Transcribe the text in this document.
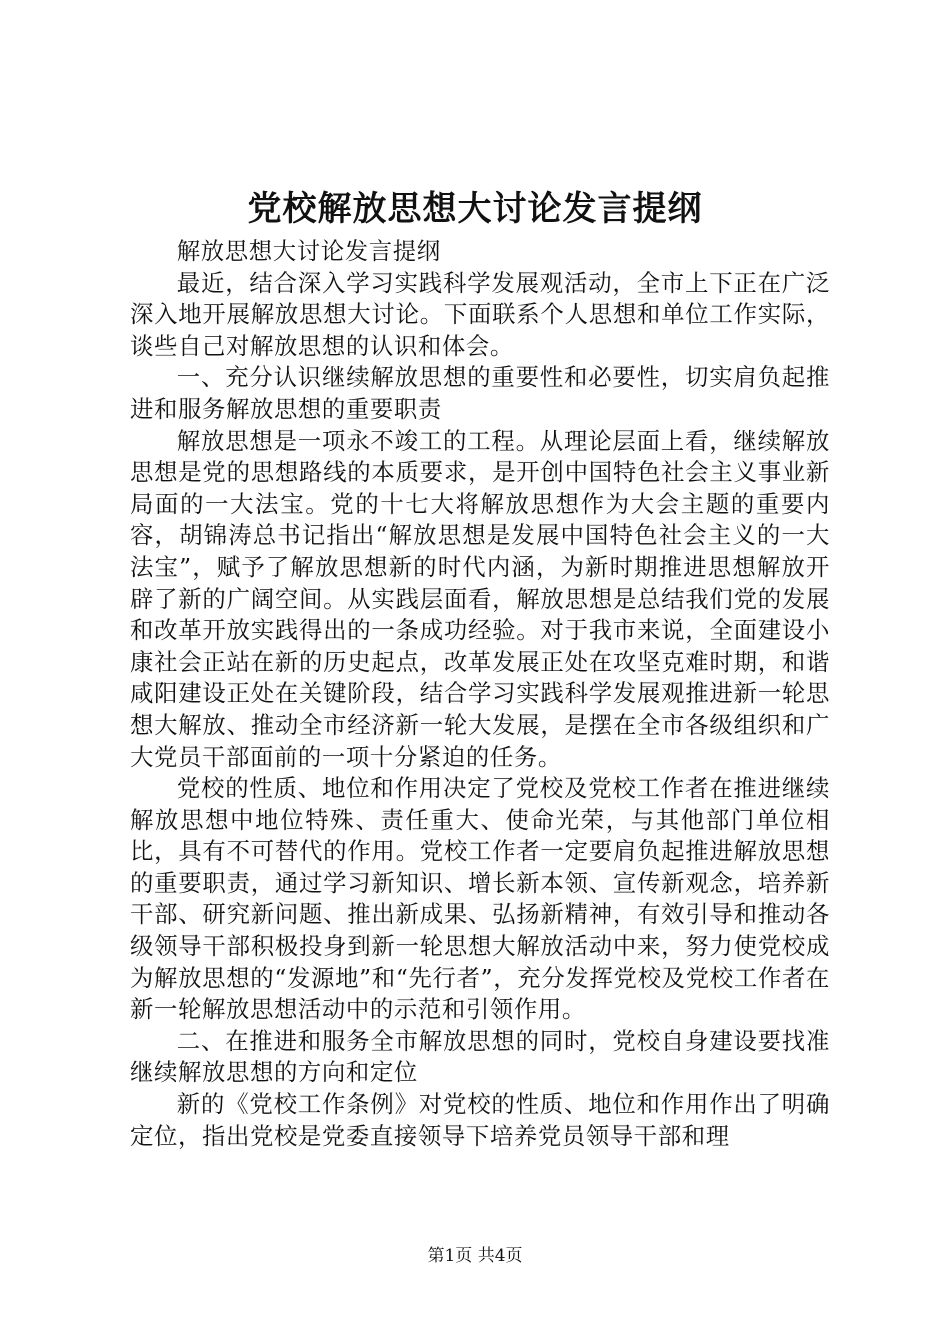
党校解放思想大讨论发言提纲

解放思想大讨论发言提纲

最近，结合深入学习实践科学发展观活动，全市上下正在广泛深入地开展解放思想大讨论。下面联系个人思想和单位工作实际，谈些自己对解放思想的认识和体会。

一、充分认识继续解放思想的重要性和必要性，切实肩负起推进和服务解放思想的重要职责

解放思想是一项永不竣工的工程。从理论层面上看，继续解放思想是党的思想路线的本质要求，是开创中国特色社会主义事业新局面的一大法宝。党的十七大将解放思想作为大会主题的重要内容，胡锦涛总书记指出“解放思想是发展中国特色社会主义的一大法宝”，赋予了解放思想新的时代内涵，为新时期推进思想解放开辟了新的广阔空间。从实践层面看，解放思想是总结我们党的发展和改革开放实践得出的一条成功经验。对于我市来说，全面建设小康社会正站在新的历史起点，改革发展正处在攻坚克难时期，和谐咸阳建设正处在关键阶段，结合学习实践科学发展观推进新一轮思想大解放、推动全市经济新一轮大发展，是摆在全市各级组织和广大党员干部面前的一项十分紧迫的任务。

党校的性质、地位和作用决定了党校及党校工作者在推进继续解放思想中地位特殊、责任重大、使命光荣，与其他部门单位相比，具有不可替代的作用。党校工作者一定要肩负起推进解放思想的重要职责，通过学习新知识、增长新本领、宣传新观念，培养新干部、研究新问题、推出新成果、弘扬新精神，有效引导和推动各级领导干部积极投身到新一轮思想大解放活动中来，努力使党校成为解放思想的“发源地”和“先行者”，充分发挥党校及党校工作者在新一轮解放思想活动中的示范和引领作用。

二、在推进和服务全市解放思想的同时，党校自身建设要找准继续解放思想的方向和定位

新的《党校工作条例》对党校的性质、地位和作用作出了明确定位，指出党校是党委直接领导下培养党员领导干部和理

第1页 共4页
